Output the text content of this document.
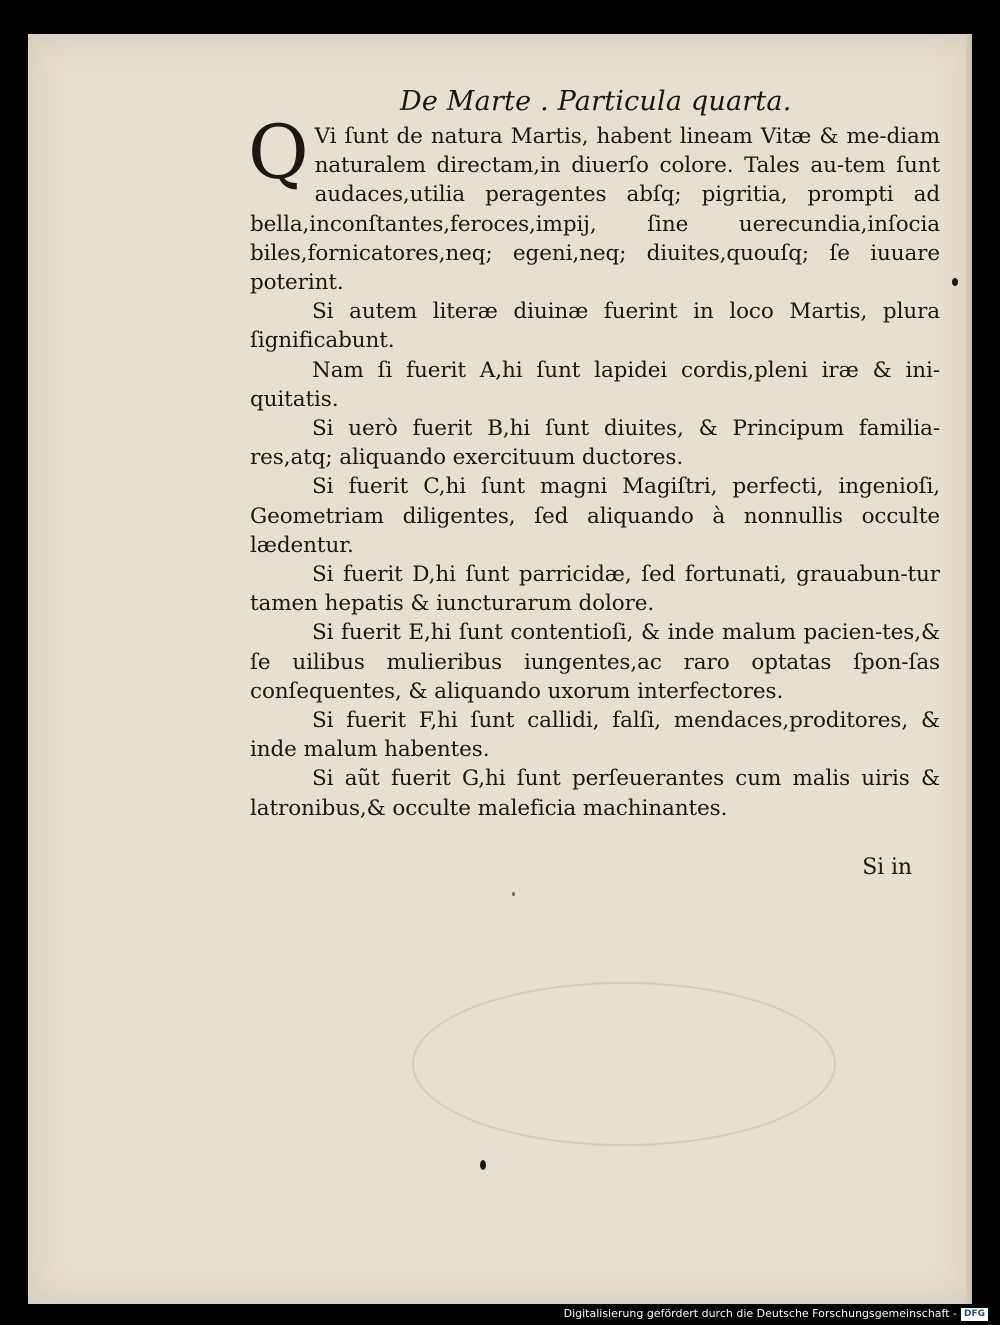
De Marte . Particula quarta.

QVi ſunt de natura Martis, habent lineam Vitæ & me-diam naturalem directam,in diuerſo colore. Tales au-tem ſunt audaces,utilia peragentes abſq; pigritia, prompti ad bella,inconſtantes,feroces,impij, ſine uerecundia,inſocia biles,fornicatores,neq; egeni,neq; diuites,quouſq; ſe iuuare poterint.

Si autem literæ diuinæ fuerint in loco Martis, plura ſignificabunt.

Nam ſi fuerit A,hi ſunt lapidei cordis,pleni iræ & ini-quitatis.

Si uerò fuerit B,hi ſunt diuites, & Principum familia-res,atq; aliquando exercituum ductores.

Si fuerit C,hi ſunt magni Magiſtri, perfecti, ingenioſi, Geometriam diligentes, ſed aliquando à nonnullis occulte lædentur.

Si fuerit D,hi ſunt parricidæ, ſed fortunati, grauabun-tur tamen hepatis & iuncturarum dolore.

Si fuerit E,hi ſunt contentioſi, & inde malum pacien-tes,& ſe uilibus mulieribus iungentes,ac raro optatas ſpon-ſas conſequentes, & aliquando uxorum interfectores.

Si fuerit F,hi ſunt callidi, falſi, mendaces,proditores, & inde malum habentes.

Si aũt fuerit G,hi ſunt perſeuerantes cum malis uiris & latronibus,& occulte maleficia machinantes.

Si in
Digitalisierung gefördert durch die Deutsche Forschungsgemeinschaft - DFG
